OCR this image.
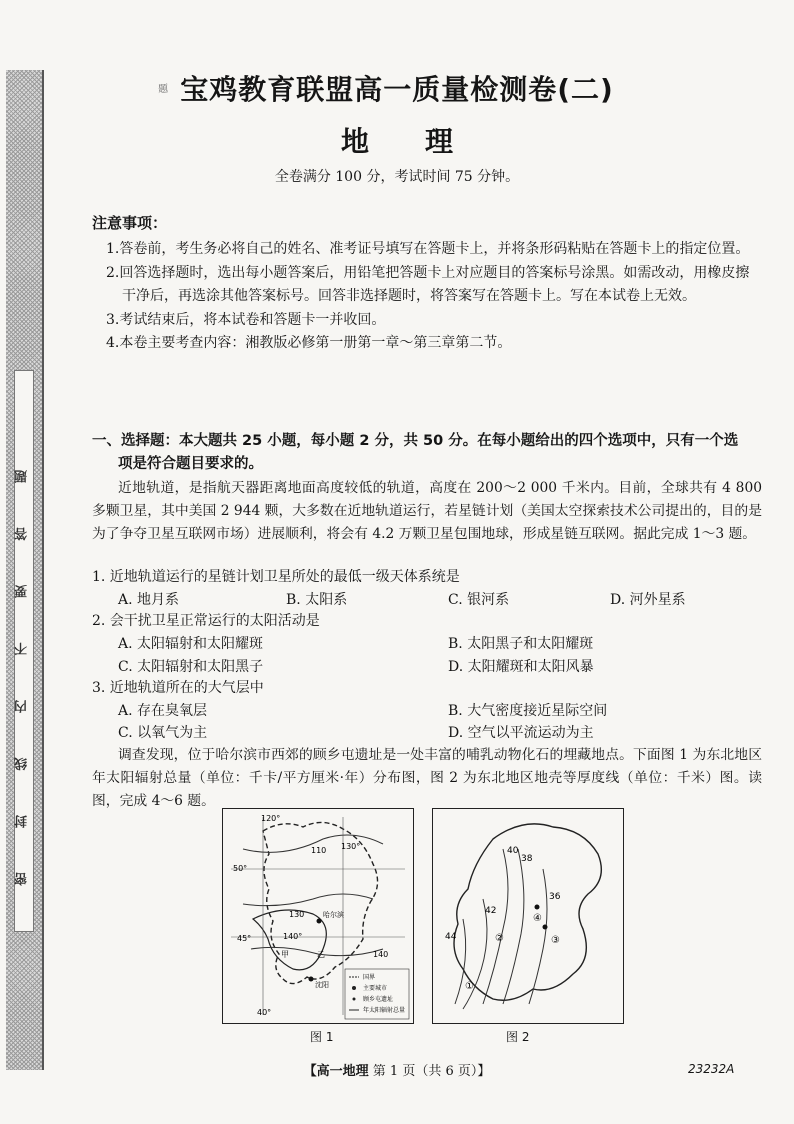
密 封 线 内 不 要 答 题
题 宝鸡教育联盟高一质量检测卷(二)
地　　理
全卷满分 100 分，考试时间 75 分钟。
注意事项：
1.答卷前，考生务必将自己的姓名、准考证号填写在答题卡上，并将条形码粘贴在答题卡上的指定位置。
2.回答选择题时，选出每小题答案后，用铅笔把答题卡上对应题目的答案标号涂黑。如需改动，用橡皮擦干净后，再选涂其他答案标号。回答非选择题时，将答案写在答题卡上。写在本试卷上无效。
3.考试结束后，将本试卷和答题卡一并收回。
4.本卷主要考查内容：湘教版必修第一册第一章～第三章第二节。
一、选择题：本大题共 25 小题，每小题 2 分，共 50 分。在每小题给出的四个选项中，只有一个选
项是符合题目要求的。

近地轨道，是指航天器距离地面高度较低的轨道，高度在 200～2 000 千米内。目前，全球共有 4 800 多颗卫星，其中美国 2 944 颗，大多数在近地轨道运行，若星链计划（美国太空探索技术公司提出的，目的是为了争夺卫星互联网市场）进展顺利，将会有 4.2 万颗卫星包围地球，形成星链互联网。据此完成 1～3 题。

1. 近地轨道运行的星链计划卫星所处的最低一级天体系统是
A. 地月系	B. 太阳系	C. 银河系	D. 河外星系
2. 会干扰卫星正常运行的太阳活动是
A. 太阳辐射和太阳耀斑	B. 太阳黑子和太阳耀斑
C. 太阳辐射和太阳黑子	D. 太阳耀斑和太阳风暴
3. 近地轨道所在的大气层中
A. 存在臭氧层	B. 大气密度接近星际空间
C. 以氧气为主	D. 空气以平流运动为主

调查发现，位于哈尔滨市西郊的顾乡屯遗址是一处丰富的哺乳动物化石的埋藏地点。下面图 1 为东北地区年太阳辐射总量（单位：千卡/平方厘米·年）分布图，图 2 为东北地区地壳等厚度线（单位：千米）图。读图，完成 4～6 题。

120°
130°
140°
50°
45°
40°
110
130
140
哈尔滨
沈阳
甲	乙
国界
主要城市
顾乡屯遗址
年太阳辐射总量
图 1
40
38
36
42
44
①
②	③
④
图 2
【高一地理 第 1 页（共 6 页）】	23232A
